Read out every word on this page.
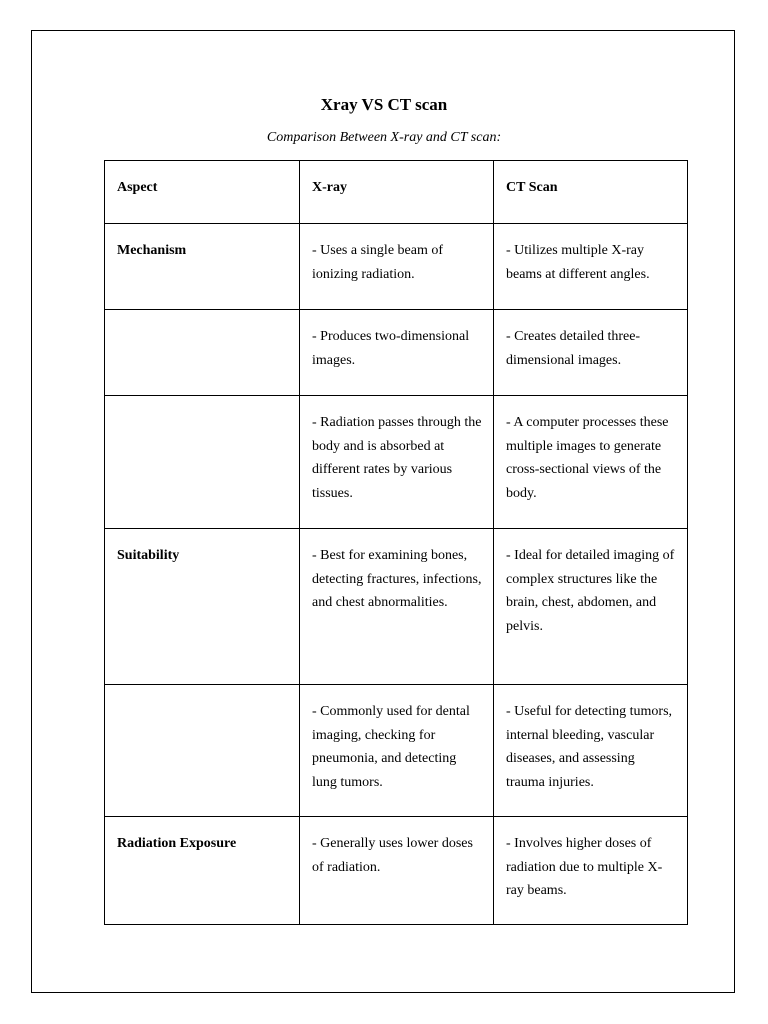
Xray VS CT scan
Comparison Between X-ray and CT scan:
Aspect	X-ray	CT Scan
Mechanism	- Uses a single beam of ionizing radiation.	- Utilizes multiple X-ray beams at different angles.
	- Produces two-dimensional images.	- Creates detailed three-dimensional images.
	- Radiation passes through the body and is absorbed at different rates by various tissues.	- A computer processes these multiple images to generate cross-sectional views of the body.
Suitability	- Best for examining bones, detecting fractures, infections, and chest abnormalities.	- Ideal for detailed imaging of complex structures like the brain, chest, abdomen, and pelvis.
	- Commonly used for dental imaging, checking for pneumonia, and detecting lung tumors.	- Useful for detecting tumors, internal bleeding, vascular diseases, and assessing trauma injuries.
Radiation Exposure	- Generally uses lower doses of radiation.	- Involves higher doses of radiation due to multiple X-ray beams.
